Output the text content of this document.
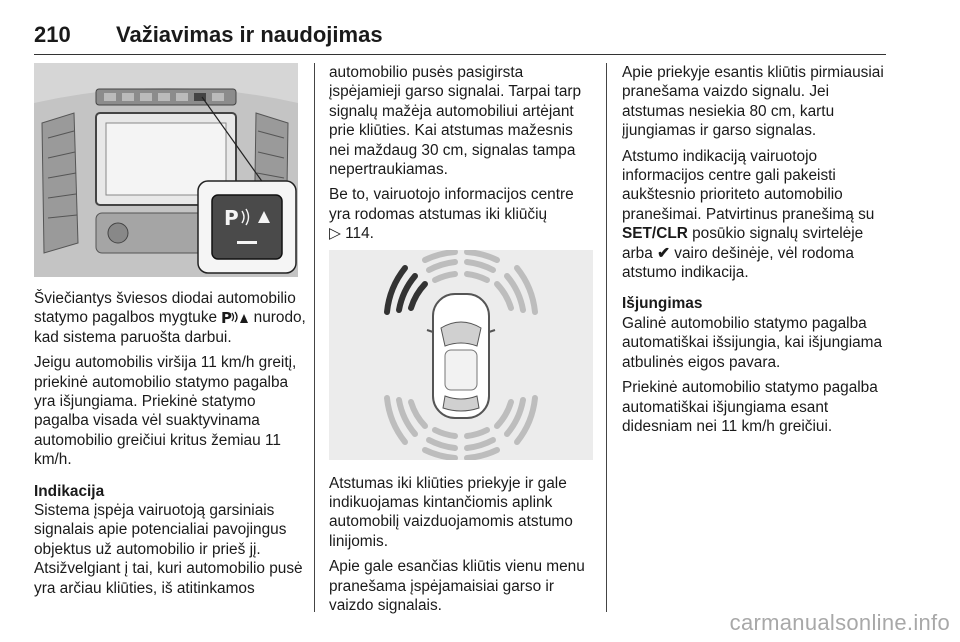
210 Važiavimas ir naudojimas
P

Šviečiantys šviesos diodai automobilio statymo pagalbos mygtuke P nurodo, kad sistema paruošta darbui.

Jeigu automobilis viršija 11 km/h greitį, priekinė automobilio statymo pagalba yra išjungiama. Priekinė statymo pagalba visada vėl suaktyvinama automobilio greičiui kritus žemiau 11 km/h.

Indikacija

Sistema įspėja vairuotoją garsiniais signalais apie potencialiai pavojingus objektus už automobilio ir prieš jį. Atsižvelgiant į tai, kuri automobilio pusė yra arčiau kliūties, iš atitinkamos

automobilio pusės pasigirsta įspėjamieji garso signalai. Tarpai tarp signalų mažėja automobiliui artėjant prie kliūties. Kai atstumas mažesnis nei maždaug 30 cm, signalas tampa nepertraukiamas.

Be to, vairuotojo informacijos centre yra rodomas atstumas iki kliūčių
▷ 114.

Atstumas iki kliūties priekyje ir gale indikuojamas kintančiomis aplink automobilį vaizduojamomis atstumo linijomis.

Apie gale esančias kliūtis vienu menu pranešama įspėjamaisiai garso ir vaizdo signalais.

Apie priekyje esantis kliūtis pirmiausiai pranešama vaizdo signalu. Jei atstumas nesiekia 80 cm, kartu įjungiamas ir garso signalas.

Atstumo indikaciją vairuotojo informacijos centre gali pakeisti aukštesnio prioriteto automobilio pranešimai. Patvirtinus pranešimą su SET/CLR posūkio signalų svirtelėje arba ✔ vairo dešinėje, vėl rodoma atstumo indikacija.

Išjungimas

Galinė automobilio statymo pagalba automatiškai išsijungia, kai išjungiama atbulinės eigos pavara.

Priekinė automobilio statymo pagalba automatiškai išjungiama esant didesniam nei 11 km/h greičiui.

carmanualsonline.info
